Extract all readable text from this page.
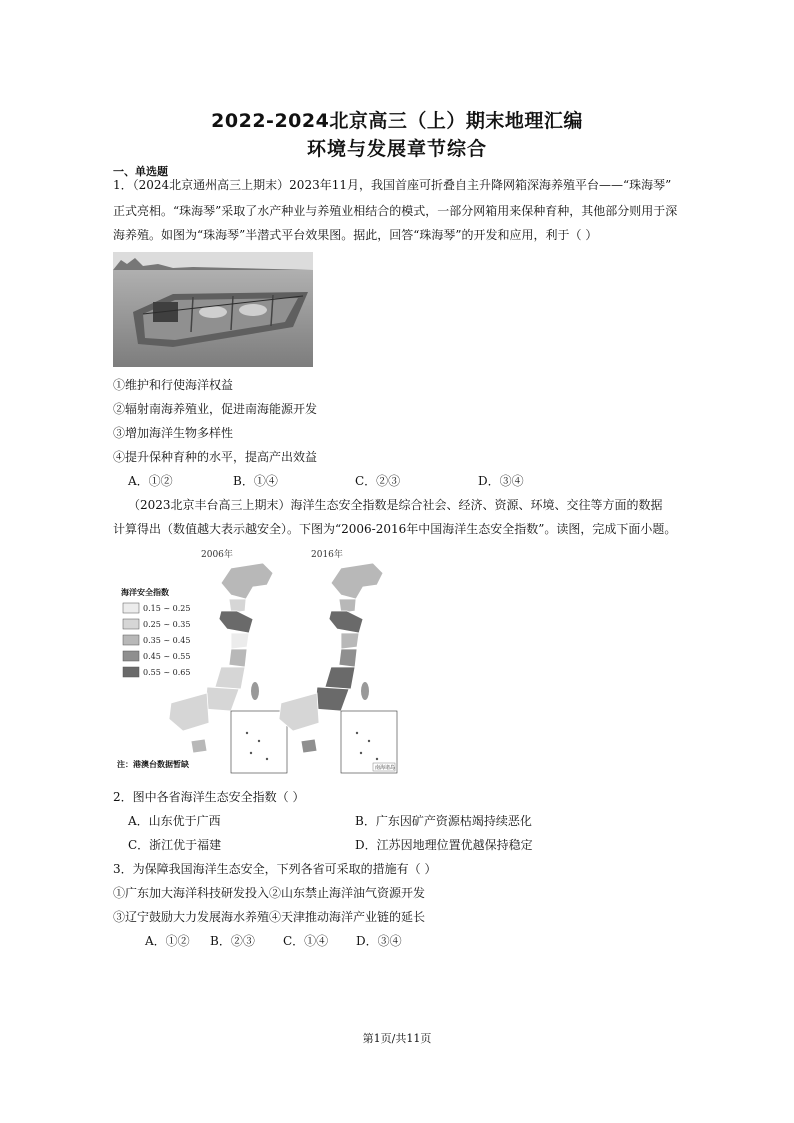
2022-2024北京高三（上）期末地理汇编
环境与发展章节综合
一、单选题
1．（2024北京通州高三上期末）2023年11月，我国首座可折叠自主升降网箱深海养殖平台——“珠海琴”
正式亮相。“珠海琴”采取了水产种业与养殖业相结合的模式，一部分网箱用来保种育种，其他部分则用于深
海养殖。如图为“珠海琴”半潜式平台效果图。据此，回答“珠海琴”的开发和应用，利于（ ）
①维护和行使海洋权益
②辐射南海养殖业，促进南海能源开发
③增加海洋生物多样性
④提升保种育种的水平，提高产出效益
A．①②	B．①④	C．②③	D．③④
（2023北京丰台高三上期末）海洋生态安全指数是综合社会、经济、资源、环境、交往等方面的数据
计算得出（数值越大表示越安全）。下图为“2006-2016年中国海洋生态安全指数”。读图，完成下面小题。
2006年	2016年
海洋安全指数
0.15 ~ 0.25
0.25 ~ 0.35
0.35 ~ 0.45
0.45 ~ 0.55
0.55 ~ 0.65
南海诸岛
注：港澳台数据暂缺
2．图中各省海洋生态安全指数（ ）
A．山东优于广西	B．广东因矿产资源枯竭持续恶化
C．浙江优于福建	D．江苏因地理位置优越保持稳定
3．为保障我国海洋生态安全，下列各省可采取的措施有（ ）
①广东加大海洋科技研发投入②山东禁止海洋油气资源开发
③辽宁鼓励大力发展海水养殖④天津推动海洋产业链的延长
A．①② B．②③ C．①④ D．③④
第1页/共11页
